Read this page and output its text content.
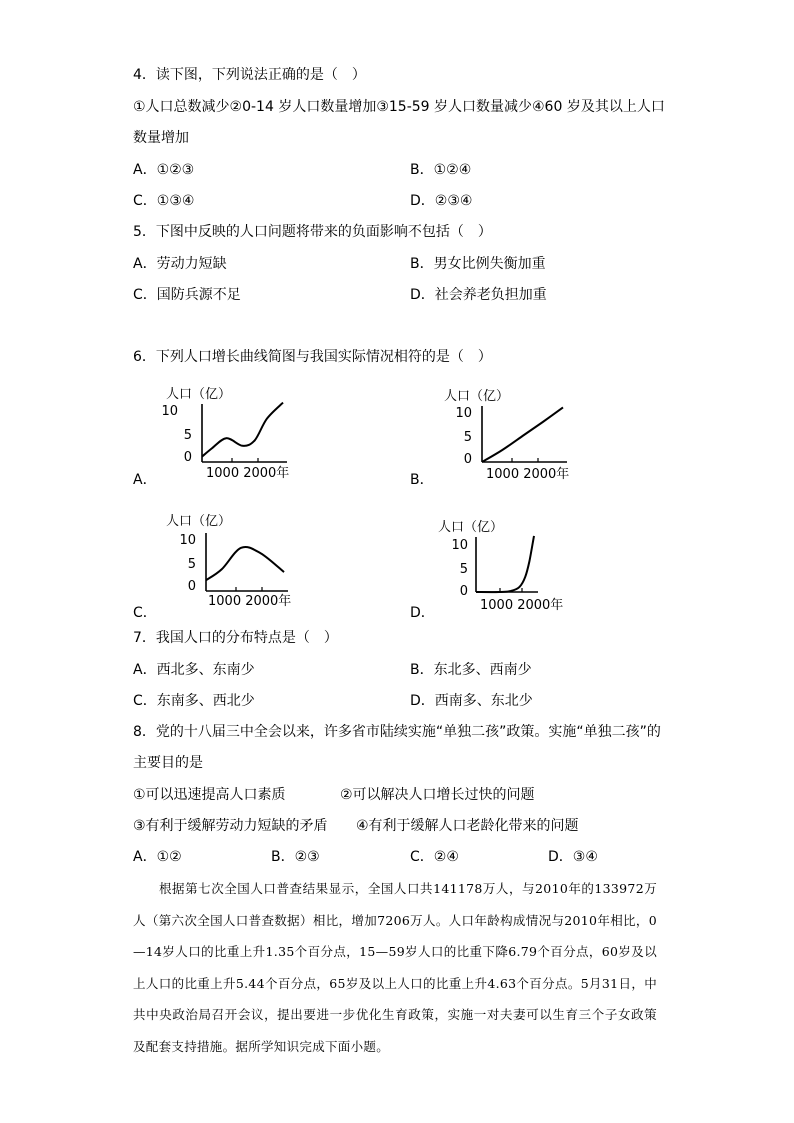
4．读下图，下列说法正确的是（　）
①人口总数减少②0-14 岁人口数量增加③15-59 岁人口数量减少④60 岁及其以上人口
数量增加
A．①②③	B．①②④
C．①③④	D．②③④
5．下图中反映的人口问题将带来的负面影响不包括（　）
A．劳动力短缺	B．男女比例失衡加重
C．国防兵源不足	D．社会养老负担加重
6．下列人口增长曲线简图与我国实际情况相符的是（　）
A．
人口（亿）
10
5
0
1000 2000年	B．
人口（亿）
10
5
0
1000 2000年
C．
人口（亿）
10
5
0
1000 2000年
D．
人口（亿）
10
5
0
1000 2000年
7．我国人口的分布特点是（　）
A．西北多、东南少	B．东北多、西南少
C．东南多、西北少	D．西南多、东北少
8．党的十八届三中全会以来，许多省市陆续实施“单独二孩”政策。实施“单独二孩”的
主要目的是
①可以迅速提高人口素质	②可以解决人口增长过快的问题
③有利于缓解劳动力短缺的矛盾 ④有利于缓解人口老龄化带来的问题
A．①②	B．②③	C．②④	D．③④

根据第七次全国人口普查结果显示，全国人口共141178万人，与2010年的133972万人（第六次全国人口普查数据）相比，增加7206万人。人口年龄构成情况与2010年相比，0—14岁人口的比重上升1.35个百分点，15—59岁人口的比重下降6.79个百分点，60岁及以上人口的比重上升5.44个百分点，65岁及以上人口的比重上升4.63个百分点。5月31日，中共中央政治局召开会议，提出要进一步优化生育政策，实施一对夫妻可以生育三个子女政策及配套支持措施。据所学知识完成下面小题。
